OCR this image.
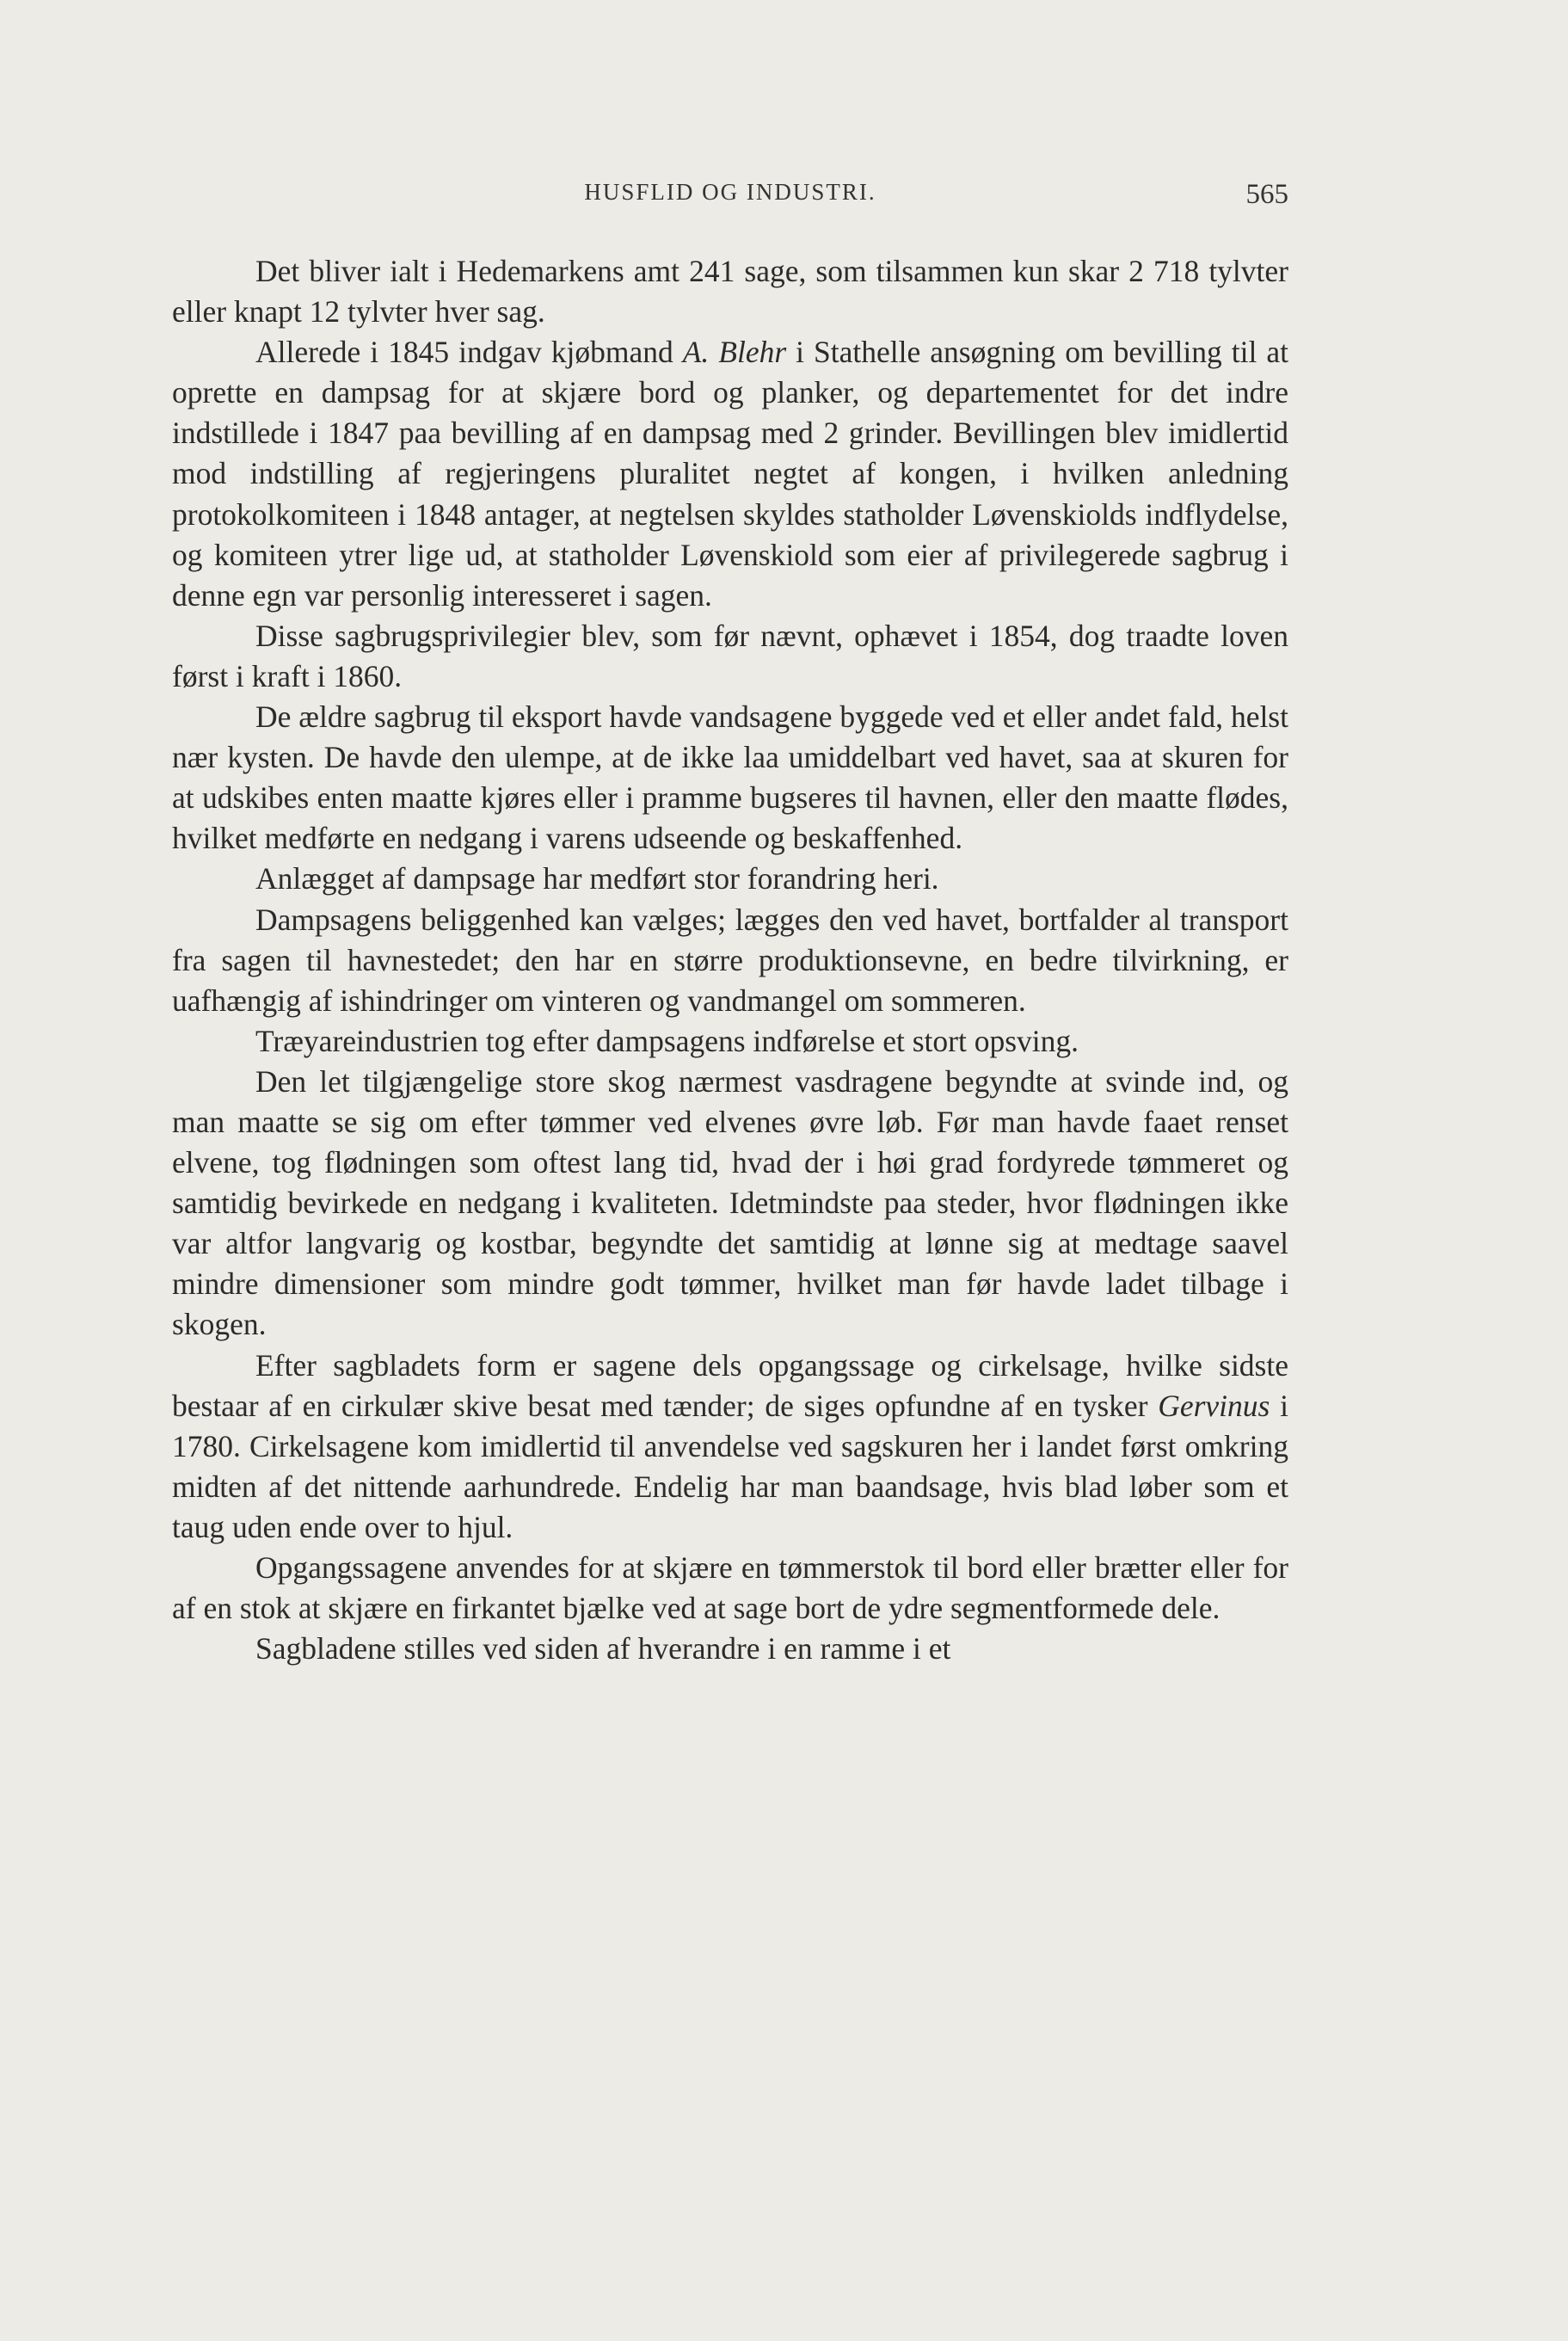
HUSFLID OG INDUSTRI.	565

Det bliver ialt i Hedemarkens amt 241 sage, som tilsammen kun skar 2 718 tylvter eller knapt 12 tylvter hver sag.

Allerede i 1845 indgav kjøbmand A. Blehr i Stathelle ansøgning om bevilling til at oprette en dampsag for at skjære bord og planker, og departementet for det indre indstillede i 1847 paa bevilling af en dampsag med 2 grinder. Bevillingen blev imidlertid mod indstilling af regjeringens pluralitet negtet af kongen, i hvilken anledning protokolkomiteen i 1848 antager, at negtelsen skyldes statholder Løvenskiolds indflydelse, og komiteen ytrer lige ud, at statholder Løvenskiold som eier af privilegerede sagbrug i denne egn var personlig interesseret i sagen.

Disse sagbrugsprivilegier blev, som før nævnt, ophævet i 1854, dog traadte loven først i kraft i 1860.

De ældre sagbrug til eksport havde vandsagene byggede ved et eller andet fald, helst nær kysten. De havde den ulempe, at de ikke laa umiddelbart ved havet, saa at skuren for at udskibes enten maatte kjøres eller i pramme bugseres til havnen, eller den maatte flødes, hvilket medførte en nedgang i varens udseende og beskaffenhed.

Anlægget af dampsage har medført stor forandring heri.

Dampsagens beliggenhed kan vælges; lægges den ved havet, bortfalder al transport fra sagen til havnestedet; den har en større produktionsevne, en bedre tilvirkning, er uafhængig af ishindringer om vinteren og vandmangel om sommeren.

Træyareindustrien tog efter dampsagens indførelse et stort opsving.

Den let tilgjængelige store skog nærmest vasdragene begyndte at svinde ind, og man maatte se sig om efter tømmer ved elvenes øvre løb. Før man havde faaet renset elvene, tog flødningen som oftest lang tid, hvad der i høi grad fordyrede tømmeret og samtidig bevirkede en nedgang i kvaliteten. Idetmindste paa steder, hvor flødningen ikke var altfor langvarig og kostbar, begyndte det samtidig at lønne sig at medtage saavel mindre dimensioner som mindre godt tømmer, hvilket man før havde ladet tilbage i skogen.

Efter sagbladets form er sagene dels opgangssage og cirkelsage, hvilke sidste bestaar af en cirkulær skive besat med tænder; de siges opfundne af en tysker Gervinus i 1780. Cirkelsagene kom imidlertid til anvendelse ved sagskuren her i landet først omkring midten af det nittende aarhundrede. Endelig har man baandsage, hvis blad løber som et taug uden ende over to hjul.

Opgangssagene anvendes for at skjære en tømmerstok til bord eller brætter eller for af en stok at skjære en firkantet bjælke ved at sage bort de ydre segmentformede dele.

Sagbladene stilles ved siden af hverandre i en ramme i et
